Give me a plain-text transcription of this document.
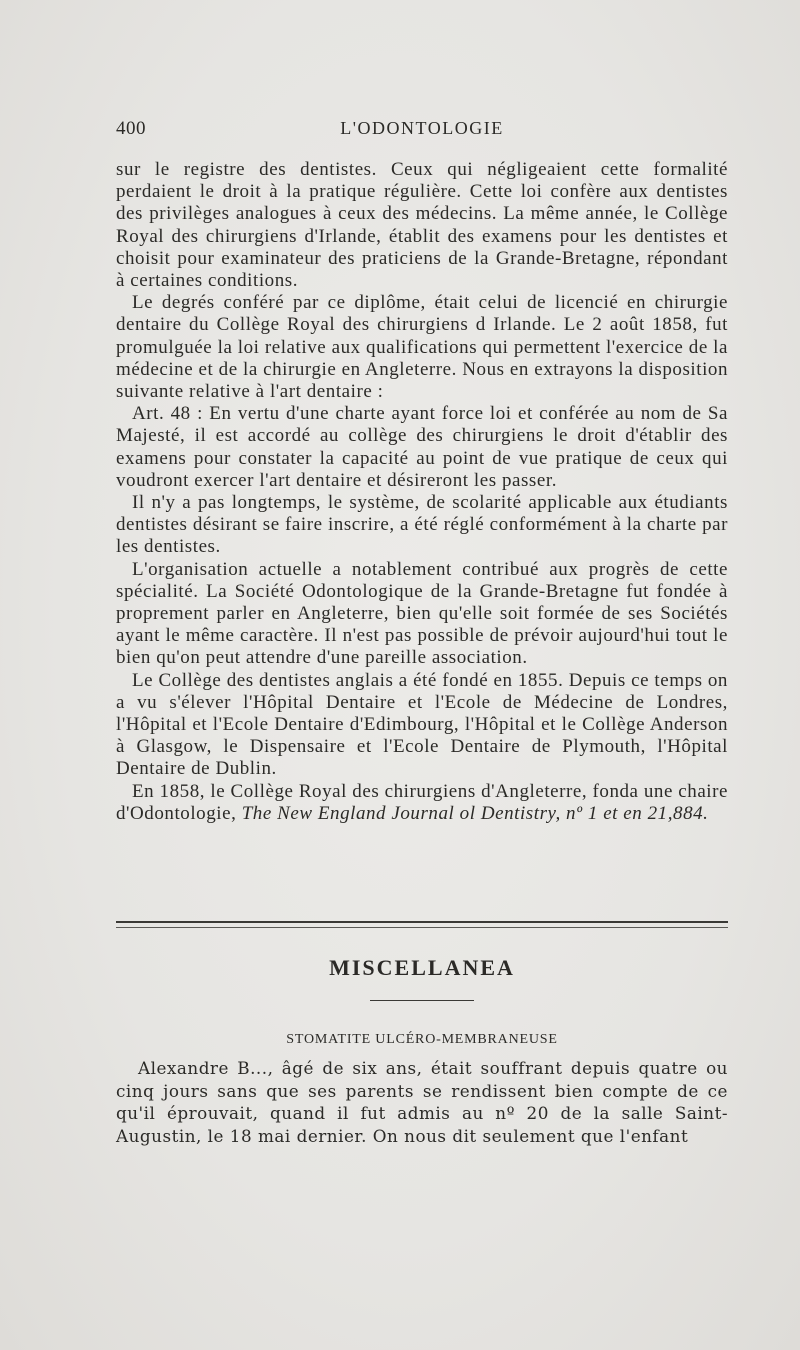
400	L'ODONTOLOGIE

sur le registre des dentistes. Ceux qui négligeaient cette formalité perdaient le droit à la pratique régulière. Cette loi confère aux dentistes des privilèges analogues à ceux des médecins. La même année, le Collège Royal des chirurgiens d'Irlande, établit des examens pour les dentistes et choisit pour examinateur des praticiens de la Grande-Bretagne, répondant à certaines conditions.

Le degrés conféré par ce diplôme, était celui de licencié en chirurgie dentaire du Collège Royal des chirurgiens d Irlande. Le 2 août 1858, fut promulguée la loi relative aux qualifications qui permettent l'exercice de la médecine et de la chirurgie en Angleterre. Nous en extrayons la disposition suivante relative à l'art dentaire :

Art. 48 : En vertu d'une charte ayant force loi et conférée au nom de Sa Majesté, il est accordé au collège des chirurgiens le droit d'établir des examens pour constater la capacité au point de vue pratique de ceux qui voudront exercer l'art dentaire et désireront les passer.

Il n'y a pas longtemps, le système, de scolarité applicable aux étudiants dentistes désirant se faire inscrire, a été réglé conformément à la charte par les dentistes.

L'organisation actuelle a notablement contribué aux progrès de cette spécialité. La Société Odontologique de la Grande-Bretagne fut fondée à proprement parler en Angleterre, bien qu'elle soit formée de ses Sociétés ayant le même caractère. Il n'est pas possible de prévoir aujourd'hui tout le bien qu'on peut attendre d'une pareille association.

Le Collège des dentistes anglais a été fondé en 1855. Depuis ce temps on a vu s'élever l'Hôpital Dentaire et l'Ecole de Médecine de Londres, l'Hôpital et l'Ecole Dentaire d'Edimbourg, l'Hôpital et le Collège Anderson à Glasgow, le Dispensaire et l'Ecole Dentaire de Plymouth, l'Hôpital Dentaire de Dublin.

En 1858, le Collège Royal des chirurgiens d'Angleterre, fonda une chaire d'Odontologie, The New England Journal ol Dentistry, nº 1 et en 21,884.

MISCELLANEA
STOMATITE ULCÉRO-MEMBRANEUSE

Alexandre B..., âgé de six ans, était souffrant depuis quatre ou cinq jours sans que ses parents se rendissent bien compte de ce qu'il éprouvait, quand il fut admis au nº 20 de la salle Saint-Augustin, le 18 mai dernier. On nous dit seulement que l'enfant
